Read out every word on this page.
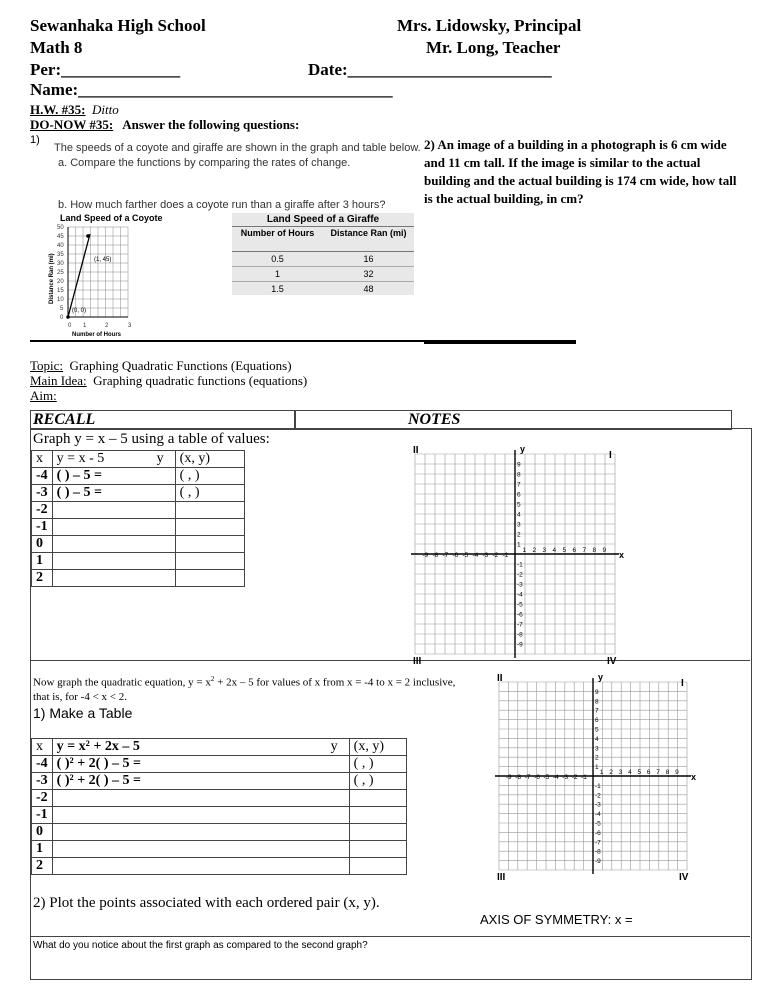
Sewanhaka High School	Mrs. Lidowsky, Principal
Math 8	Mr. Long, Teacher
Per:______________	Date:________________________
Name:_____________________________________
H.W. #35: Ditto
DO-NOW #35: Answer the following questions:
1)
The speeds of a coyote and giraffe are shown in the graph and table below.
a. Compare the functions by comparing the rates of change.
b. How much farther does a coyote run than a giraffe after 3 hours?
Land Speed of a Coyote
50
45
40
35
30
25
20
15
10
5
0
1	2	3
0
(1, 45)
(0, 0)
Number of Hours
Distance Ran (mi)
Land Speed of a Giraffe
Number of Hours	Distance Ran (mi)
0.5	16
1	32
1.5	48
2) An image of a building in a photograph is 6 cm wide and 11 cm tall. If the image is similar to the actual building and the actual building is 174 cm wide, how tall is the actual building, in cm?
Topic: Graphing Quadratic Functions (Equations)
Main Idea: Graphing quadratic functions (equations)
Aim:
RECALL	NOTES
Graph y = x – 5 using a table of values:
x	y = x - 5	y	(x, y)
-4	( ) – 5 =		( , )
-3	( ) – 5 =		( , )
-2			
-1			
0			
1			
2			
-9
-9
-8
-8
-7
-7
-6
-6
-5
-5
-4
-4
-3
-3
-2
-2
-1
-1
1
1
2
2
3
3
4
4
5
5
6
6
7
7
8
8
9
9
x
y
II	I
III	IV
Now graph the quadratic equation, $y = x^2 + 2x - 5$ for values of x from x = -4 to x = 2 inclusive, that is, for -4 < x < 2.
1) Make a Table
x	y = x² + 2x – 5	y	(x, y)
-4	( )² + 2( ) – 5 =		( , )
-3	( )² + 2( ) – 5 =		( , )
-2			
-1			
0			
1			
2			
2) Plot the points associated with each ordered pair (x, y).
AXIS OF SYMMETRY: x =
What do you notice about the first graph as compared to the second graph?
-9
-9
-8
-8
-7
-7
-6
-6
-5
-5
-4
-4
-3
-3
-2
-2
-1
-1
1
1
2
2
3
3
4
4
5
5
6
6
7
7
8
8
9
9
x
y
II	I
III	IV
